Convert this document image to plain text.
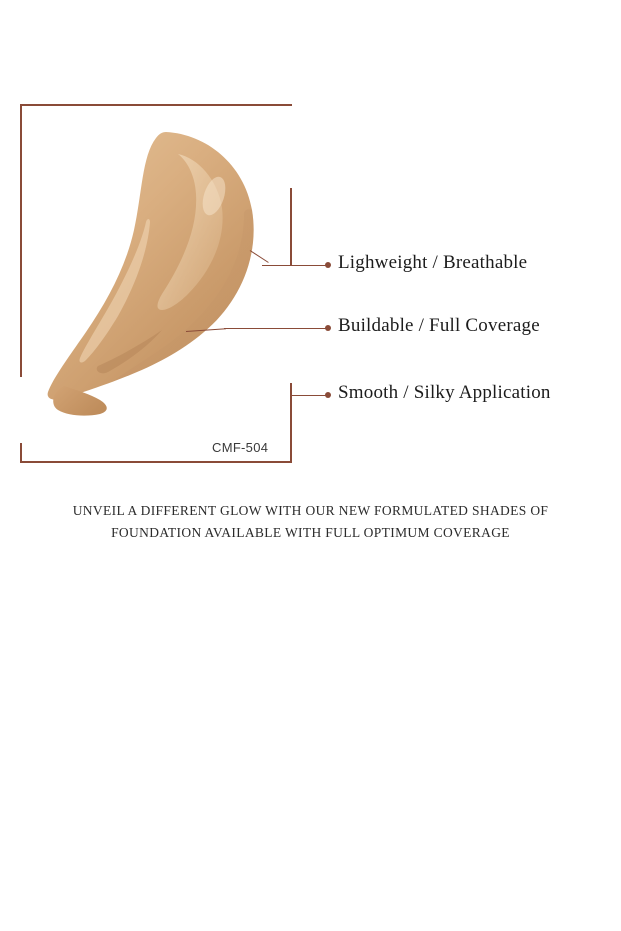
Lighweight / Breathable
Buildable / Full Coverage
Smooth / Silky Application
CMF-504
UNVEIL A DIFFERENT GLOW WITH OUR NEW FORMULATED SHADES OF
FOUNDATION AVAILABLE WITH FULL OPTIMUM COVERAGE
